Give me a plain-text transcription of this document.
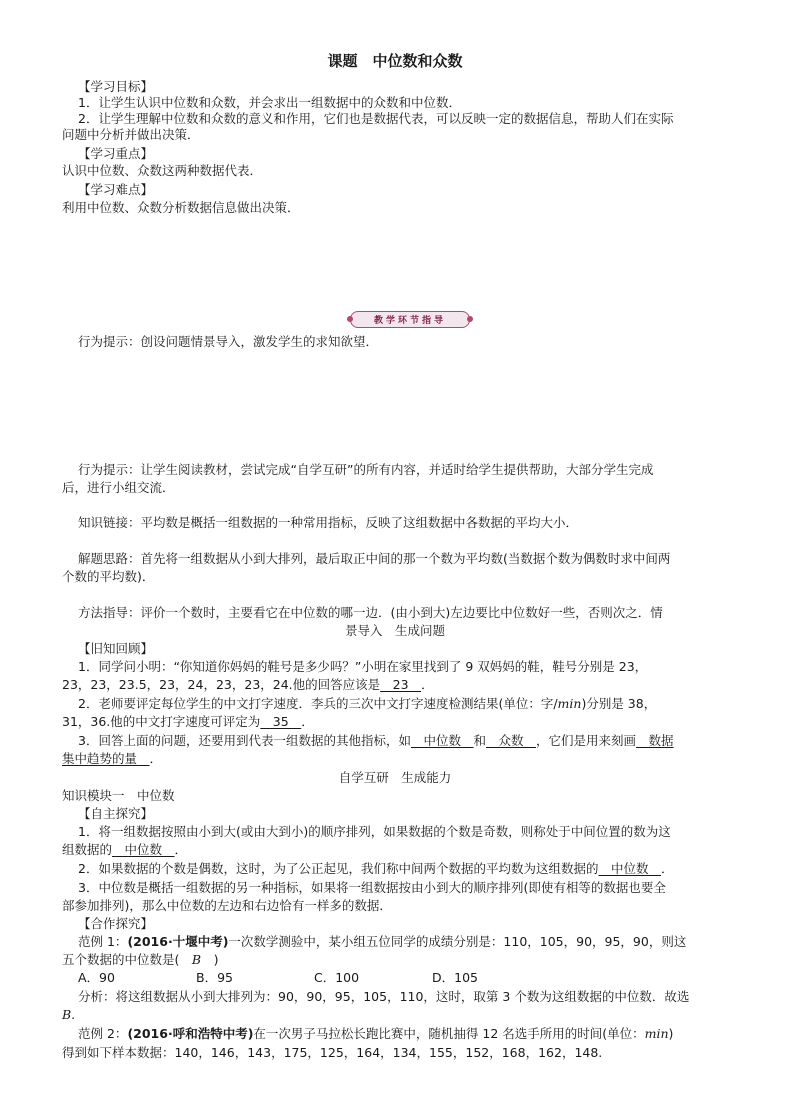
课题　中位数和众数
【学习目标】
1．让学生认识中位数和众数，并会求出一组数据中的众数和中位数．
2．让学生理解中位数和众数的意义和作用，它们也是数据代表，可以反映一定的数据信息，帮助人们在实际
问题中分析并做出决策．
【学习重点】
认识中位数、众数这两种数据代表．
【学习难点】
利用中位数、众数分析数据信息做出决策．
教学环节指导
行为提示：创设问题情景导入，激发学生的求知欲望．
行为提示：让学生阅读教材，尝试完成“自学互研”的所有内容，并适时给学生提供帮助，大部分学生完成
后，进行小组交流．
知识链接：平均数是概括一组数据的一种常用指标，反映了这组数据中各数据的平均大小．
解题思路：首先将一组数据从小到大排列，最后取正中间的那一个数为平均数(当数据个数为偶数时求中间两
个数的平均数)．
方法指导：评价一个数时，主要看它在中位数的哪一边．(由小到大)左边要比中位数好一些，否则次之．情
景导入　生成问题
【旧知回顾】
1．同学问小明：“你知道你妈妈的鞋号是多少吗？”小明在家里找到了 9 双妈妈的鞋，鞋号分别是 23，
23，23，23.5，23，24，23，23，24.他的回答应该是　23　．
2．老师要评定每位学生的中文打字速度．李兵的三次中文打字速度检测结果(单位：字/min)分别是 38，
31，36.他的中文打字速度可评定为　35　．
3．回答上面的问题，还要用到代表一组数据的其他指标，如　中位数　和　众数　，它们是用来刻画　数据
集中趋势的量　．
自学互研　生成能力
知识模块一　中位数
【自主探究】
1．将一组数据按照由小到大(或由大到小)的顺序排列，如果数据的个数是奇数，则称处于中间位置的数为这
组数据的　中位数　．
2．如果数据的个数是偶数，这时，为了公正起见，我们称中间两个数据的平均数为这组数据的　中位数　．
3．中位数是概括一组数据的另一种指标，如果将一组数据按由小到大的顺序排列(即使有相等的数据也要全
部参加排列)，那么中位数的左边和右边恰有一样多的数据．
【合作探究】
范例 1：(2016·十堰中考)一次数学测验中，某小组五位同学的成绩分别是：110，105，90，95，90，则这
五个数据的中位数是(　B　)
A．90	B．95	C．100	D．105
分析：将这组数据从小到大排列为：90，90，95，105，110，这时，取第 3 个数为这组数据的中位数．故选
B.
范例 2：(2016·呼和浩特中考)在一次男子马拉松长跑比赛中，随机抽得 12 名选手所用的时间(单位：min)
得到如下样本数据：140，146，143，175，125，164，134，155，152，168，162，148.
